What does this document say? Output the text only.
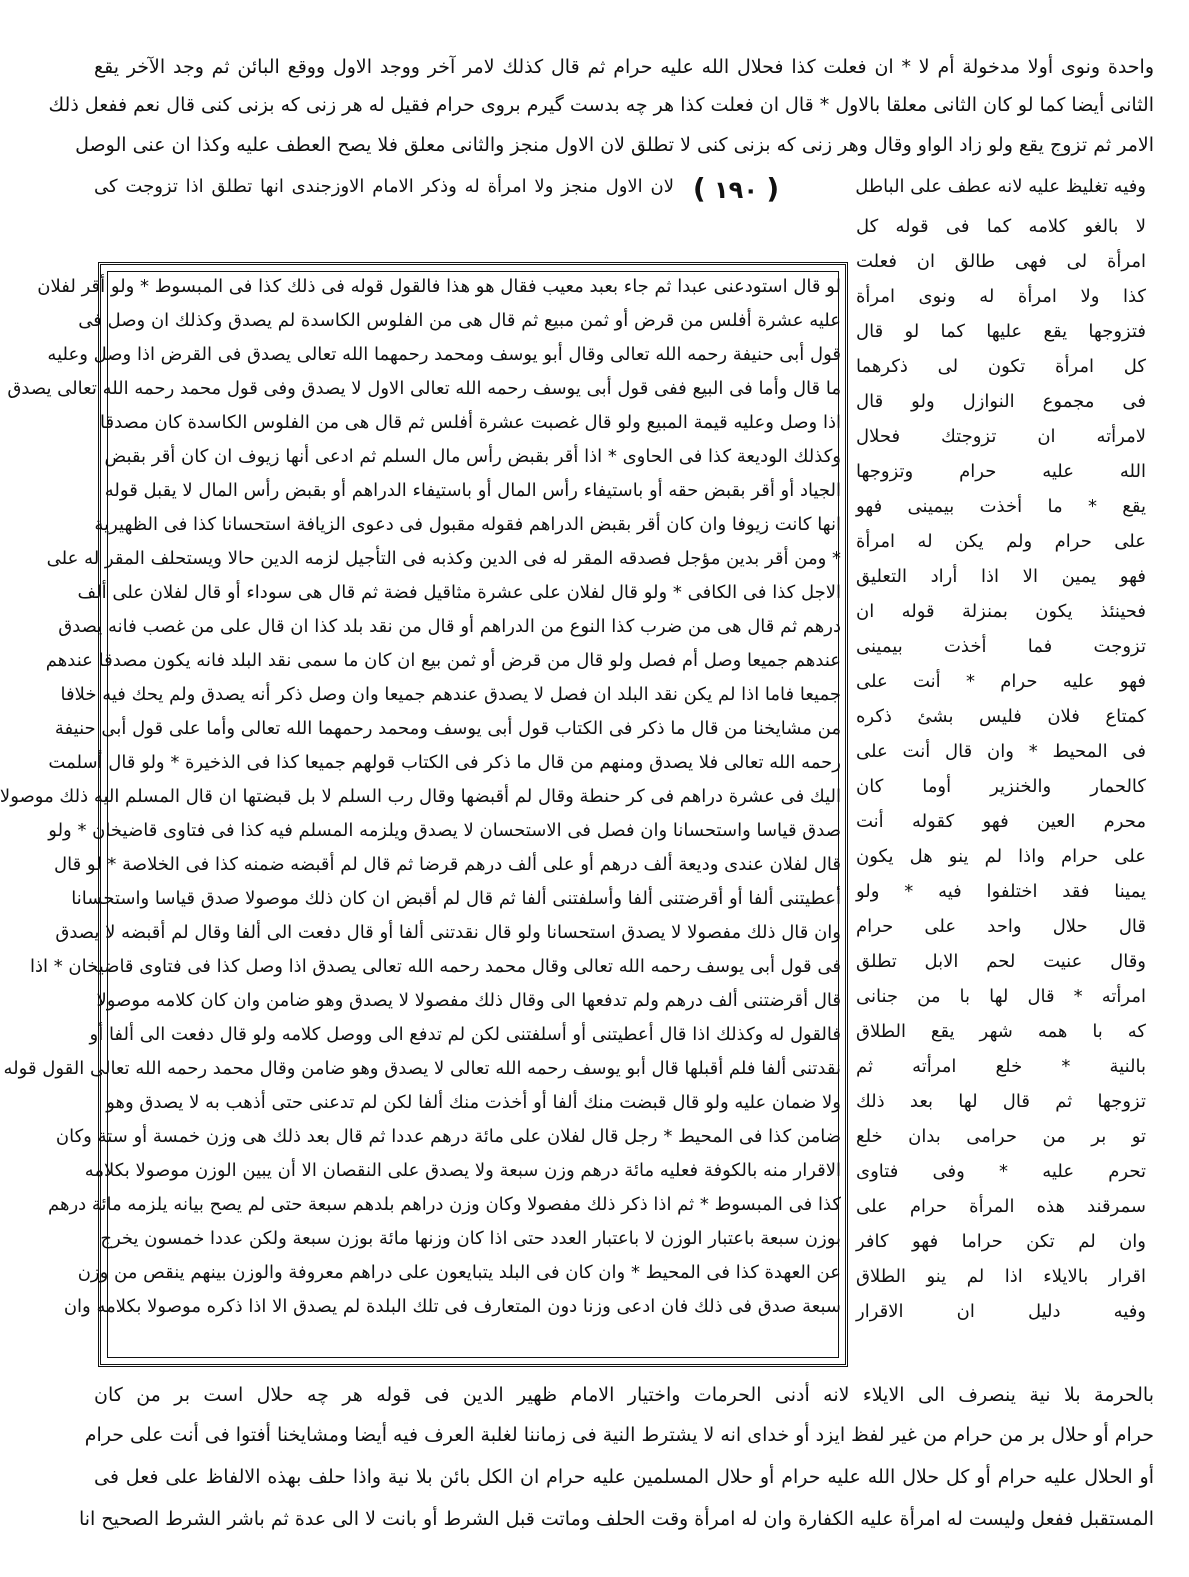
واحدة ونوى أولا مدخولة أم لا * ان فعلت كذا فحلال الله عليه حرام ثم قال كذلك لامر آخر ووجد الاول ووقع البائن ثم وجد الآخر يقع
الثانى أيضا كما لو كان الثانى معلقا بالاول * قال ان فعلت كذا هر چه بدست گيرم بروى حرام فقيل له هر زنى كه بزنى كنى قال نعم ففعل ذلك
الامر ثم تزوج يقع ولو زاد الواو وقال وهر زنى كه بزنى كنى لا تطلق لان الاول منجز والثانى معلق فلا يصح العطف عليه وكذا ان عنى الوصل
وفيه تغليظ عليه لانه عطف على الباطل
( ١٩٠ )
لان الاول منجز ولا امرأة له وذكر الامام الاوزجندى انها تطلق اذا تزوجت كى
لا بالغو كلامه كما فى قوله كل
امرأة لى فهى طالق ان فعلت
كذا ولا امرأة له ونوى امرأة
فتزوجها يقع عليها كما لو قال
كل امرأة تكون لى ذكرهما
فى مجموع النوازل ولو قال
لامرأته ان تزوجتك فحلال
الله عليه حرام وتزوجها
يقع * ما أخذت بيمينى فهو
على حرام ولم يكن له امرأة
فهو يمين الا اذا أراد التعليق
فحينئذ يكون بمنزلة قوله ان
تزوجت فما أخذت بيمينى
فهو عليه حرام * أنت على
كمتاع فلان فليس بشئ ذكره
فى المحيط * وان قال أنت على
كالحمار والخنزير أوما كان
محرم العين فهو كقوله أنت
على حرام واذا لم ينو هل يكون
يمينا فقد اختلفوا فيه * ولو
قال حلال واحد على حرام
وقال عنيت لحم الابل تطلق
امرأته * قال لها با من جنانى
كه با همه شهر يقع الطلاق
بالنية * خلع امرأته ثم
تزوجها ثم قال لها بعد ذلك
تو بر من حرامى بدان خلع
تحرم عليه * وفى فتاوى
سمرقند هذه المرأة حرام على
وان لم تكن حراما فهو كافر
اقرار بالايلاء اذا لم ينو الطلاق
وفيه دليل ان الاقرار
لو قال استودعنى عبدا ثم جاء بعبد معيب فقال هو هذا فالقول قوله فى ذلك كذا فى المبسوط * ولو أقر لفلان
عليه عشرة أفلس من قرض أو ثمن مبيع ثم قال هى من الفلوس الكاسدة لم يصدق وكذلك ان وصل فى
قول أبى حنيفة رحمه الله تعالى وقال أبو يوسف ومحمد رحمهما الله تعالى يصدق فى القرض اذا وصل وعليه
ما قال وأما فى البيع ففى قول أبى يوسف رحمه الله تعالى الاول لا يصدق وفى قول محمد رحمه الله تعالى يصدق
اذا وصل وعليه قيمة المبيع ولو قال غصبت عشرة أفلس ثم قال هى من الفلوس الكاسدة كان مصدقا
وكذلك الوديعة كذا فى الحاوى * اذا أقر بقبض رأس مال السلم ثم ادعى أنها زيوف ان كان أقر بقبض
الجياد أو أقر بقبض حقه أو باستيفاء رأس المال أو باستيفاء الدراهم أو بقبض رأس المال لا يقبل قوله
انها كانت زيوفا وان كان أقر بقبض الدراهم فقوله مقبول فى دعوى الزيافة استحسانا كذا فى الظهيرية
* ومن أقر بدين مؤجل فصدقه المقر له فى الدين وكذبه فى التأجيل لزمه الدين حالا ويستحلف المقر له على
الاجل كذا فى الكافى * ولو قال لفلان على عشرة مثاقيل فضة ثم قال هى سوداء أو قال لفلان على ألف
درهم ثم قال هى من ضرب كذا النوع من الدراهم أو قال من نقد بلد كذا ان قال على من غصب فانه يصدق
عندهم جميعا وصل أم فصل ولو قال من قرض أو ثمن بيع ان كان ما سمى نقد البلد فانه يكون مصدقا عندهم
جميعا فاما اذا لم يكن نقد البلد ان فصل لا يصدق عندهم جميعا وان وصل ذكر أنه يصدق ولم يحك فيه خلافا
من مشايخنا من قال ما ذكر فى الكتاب قول أبى يوسف ومحمد رحمهما الله تعالى وأما على قول أبى حنيفة
رحمه الله تعالى فلا يصدق ومنهم من قال ما ذكر فى الكتاب قولهم جميعا كذا فى الذخيرة * ولو قال أسلمت
اليك فى عشرة دراهم فى كر حنطة وقال لم أقبضها وقال رب السلم لا بل قبضتها ان قال المسلم اليه ذلك موصولا
صدق قياسا واستحسانا وان فصل فى الاستحسان لا يصدق ويلزمه المسلم فيه كذا فى فتاوى قاضيخان * ولو
قال لفلان عندى وديعة ألف درهم أو على ألف درهم قرضا ثم قال لم أقبضه ضمنه كذا فى الخلاصة * لو قال
أعطيتنى ألفا أو أقرضتنى ألفا وأسلفتنى ألفا ثم قال لم أقبض ان كان ذلك موصولا صدق قياسا واستحسانا
وان قال ذلك مفصولا لا يصدق استحسانا ولو قال نقدتنى ألفا أو قال دفعت الى ألفا وقال لم أقبضه لا يصدق
فى قول أبى يوسف رحمه الله تعالى وقال محمد رحمه الله تعالى يصدق اذا وصل كذا فى فتاوى قاضيخان * اذا
قال أقرضتنى ألف درهم ولم تدفعها الى وقال ذلك مفصولا لا يصدق وهو ضامن وان كان كلامه موصولا
فالقول له وكذلك اذا قال أعطيتنى أو أسلفتنى لكن لم تدفع الى ووصل كلامه ولو قال دفعت الى ألفا أو
نقدتنى ألفا فلم أقبلها قال أبو يوسف رحمه الله تعالى لا يصدق وهو ضامن وقال محمد رحمه الله تعالى القول قوله
ولا ضمان عليه ولو قال قبضت منك ألفا أو أخذت منك ألفا لكن لم تدعنى حتى أذهب به لا يصدق وهو
ضامن كذا فى المحيط * رجل قال لفلان على مائة درهم عددا ثم قال بعد ذلك هى وزن خمسة أو ستة وكان
الاقرار منه بالكوفة فعليه مائة درهم وزن سبعة ولا يصدق على النقصان الا أن يبين الوزن موصولا بكلامه
كذا فى المبسوط * ثم اذا ذكر ذلك مفصولا وكان وزن دراهم بلدهم سبعة حتى لم يصح بيانه يلزمه مائة درهم
بوزن سبعة باعتبار الوزن لا باعتبار العدد حتى اذا كان وزنها مائة بوزن سبعة ولكن عددا خمسون يخرج
عن العهدة كذا فى المحيط * وان كان فى البلد يتبايعون على دراهم معروفة والوزن بينهم ينقص من وزن
سبعة صدق فى ذلك فان ادعى وزنا دون المتعارف فى تلك البلدة لم يصدق الا اذا ذكره موصولا بكلامه وان
بالحرمة بلا نية ينصرف الى الايلاء لانه أدنى الحرمات واختيار الامام ظهير الدين فى قوله هر چه حلال است بر من كان
حرام أو حلال بر من حرام من غير لفظ ايزد أو خداى انه لا يشترط النية فى زماننا لغلبة العرف فيه أيضا ومشايخنا أفتوا فى أنت على حرام
أو الحلال عليه حرام أو كل حلال الله عليه حرام أو حلال المسلمين عليه حرام ان الكل بائن بلا نية واذا حلف بهذه الالفاظ على فعل فى
المستقبل ففعل وليست له امرأة عليه الكفارة وان له امرأة وقت الحلف وماتت قبل الشرط أو بانت لا الى عدة ثم باشر الشرط الصحيح انا
